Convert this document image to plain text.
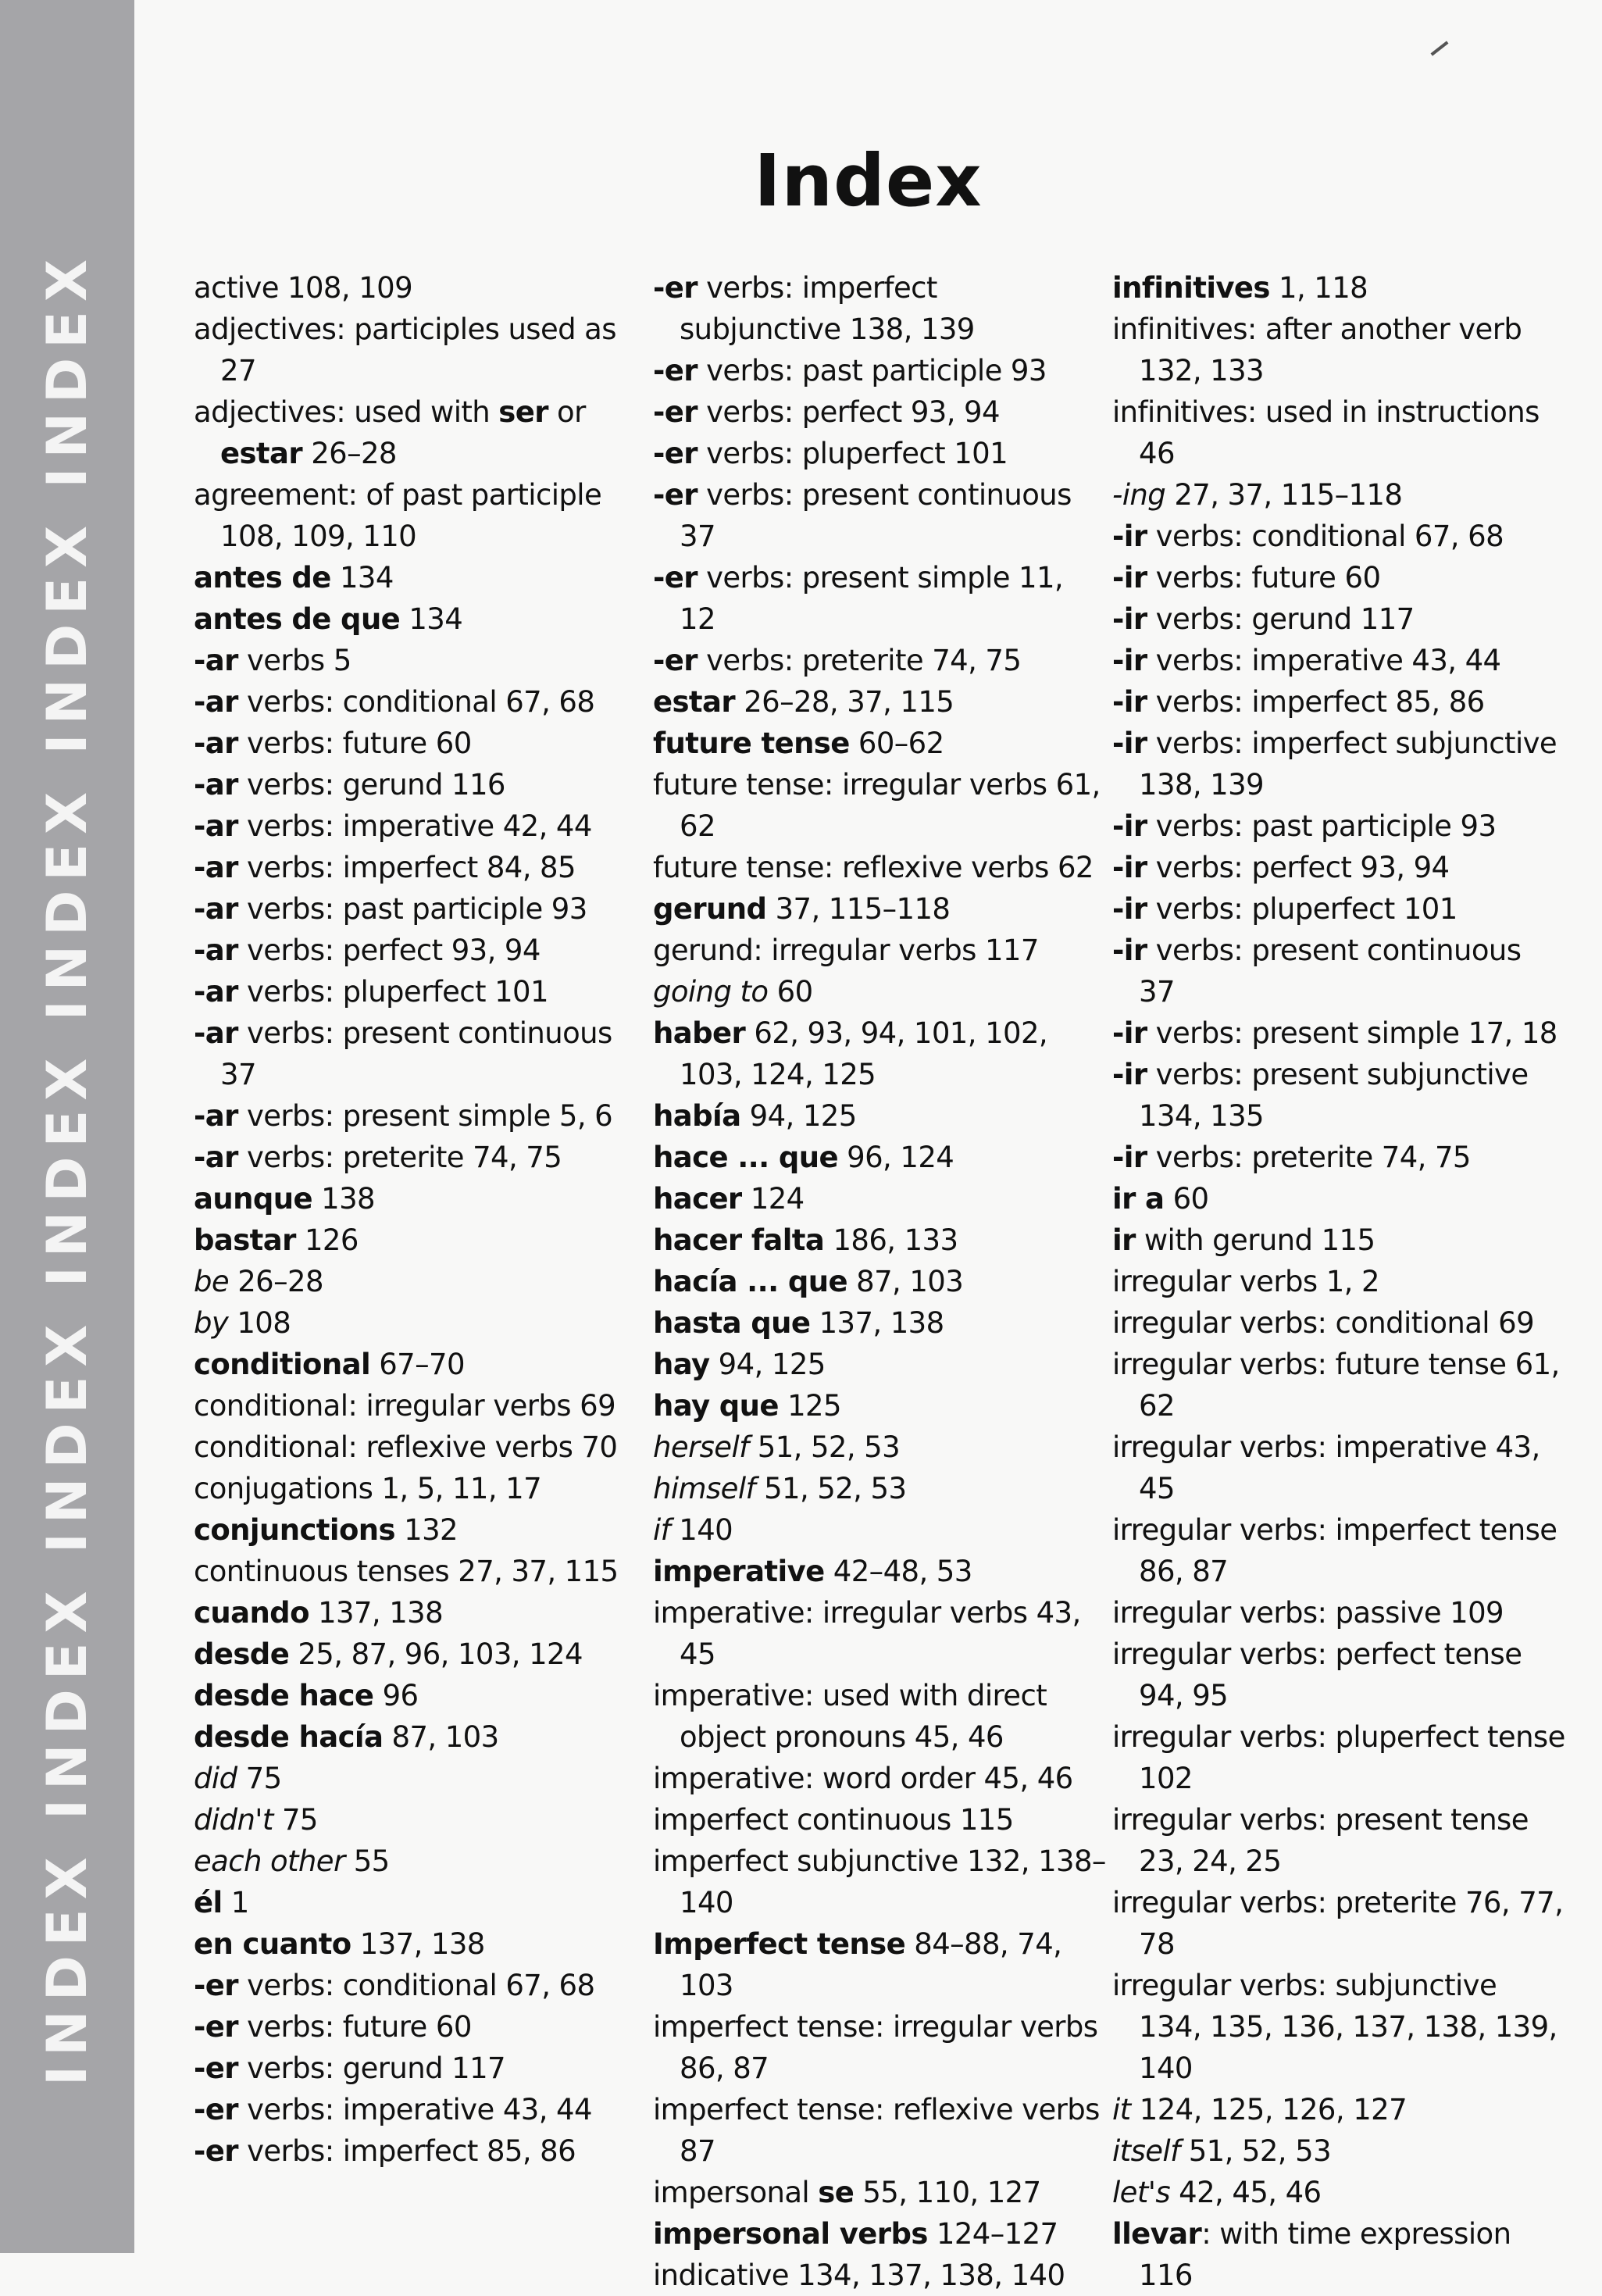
INDEX INDEX INDEX INDEX INDEX INDEX INDEX
Index
active 108, 109
adjectives: participles used as 27
adjectives: used with ser or estar 26–28
agreement: of past participle 108, 109, 110
antes de 134
antes de que 134
-ar verbs 5
-ar verbs: conditional 67, 68
-ar verbs: future 60
-ar verbs: gerund 116
-ar verbs: imperative 42, 44
-ar verbs: imperfect 84, 85
-ar verbs: past participle 93
-ar verbs: perfect 93, 94
-ar verbs: pluperfect 101
-ar verbs: present continuous 37
-ar verbs: present simple 5, 6
-ar verbs: preterite 74, 75
aunque 138
bastar 126
be 26–28
by 108
conditional 67–70
conditional: irregular verbs 69
conditional: reflexive verbs 70
conjugations 1, 5, 11, 17
conjunctions 132
continuous tenses 27, 37, 115
cuando 137, 138
desde 25, 87, 96, 103, 124
desde hace 96
desde hacía 87, 103
did 75
didn't 75
each other 55
él 1
en cuanto 137, 138
-er verbs: conditional 67, 68
-er verbs: future 60
-er verbs: gerund 117
-er verbs: imperative 43, 44
-er verbs: imperfect 85, 86
-er verbs: imperfect subjunctive 138, 139
-er verbs: past participle 93
-er verbs: perfect 93, 94
-er verbs: pluperfect 101
-er verbs: present continuous 37
-er verbs: present simple 11, 12
-er verbs: preterite 74, 75
estar 26–28, 37, 115
future tense 60–62
future tense: irregular verbs 61, 62
future tense: reflexive verbs 62
gerund 37, 115–118
gerund: irregular verbs 117
going to 60
haber 62, 93, 94, 101, 102, 103, 124, 125
había 94, 125
hace ... que 96, 124
hacer 124
hacer falta 186, 133
hacía ... que 87, 103
hasta que 137, 138
hay 94, 125
hay que 125
herself 51, 52, 53
himself 51, 52, 53
if 140
imperative 42–48, 53
imperative: irregular verbs 43, 45
imperative: used with direct object pronouns 45, 46
imperative: word order 45, 46
imperfect continuous 115
imperfect subjunctive 132, 138–140
Imperfect tense 84–88, 74, 103
imperfect tense: irregular verbs 86, 87
imperfect tense: reflexive verbs 87
impersonal se 55, 110, 127
impersonal verbs 124–127
indicative 134, 137, 138, 140
infinitives 1, 118
infinitives: after another verb 132, 133
infinitives: used in instructions 46
-ing 27, 37, 115–118
-ir verbs: conditional 67, 68
-ir verbs: future 60
-ir verbs: gerund 117
-ir verbs: imperative 43, 44
-ir verbs: imperfect 85, 86
-ir verbs: imperfect subjunctive 138, 139
-ir verbs: past participle 93
-ir verbs: perfect 93, 94
-ir verbs: pluperfect 101
-ir verbs: present continuous 37
-ir verbs: present simple 17, 18
-ir verbs: present subjunctive 134, 135
-ir verbs: preterite 74, 75
ir a 60
ir with gerund 115
irregular verbs 1, 2
irregular verbs: conditional 69
irregular verbs: future tense 61, 62
irregular verbs: imperative 43, 45
irregular verbs: imperfect tense 86, 87
irregular verbs: passive 109
irregular verbs: perfect tense 94, 95
irregular verbs: pluperfect tense 102
irregular verbs: present tense 23, 24, 25
irregular verbs: preterite 76, 77, 78
irregular verbs: subjunctive 134, 135, 136, 137, 138, 139, 140
it 124, 125, 126, 127
itself 51, 52, 53
let's 42, 45, 46
llevar: with time expression 116
